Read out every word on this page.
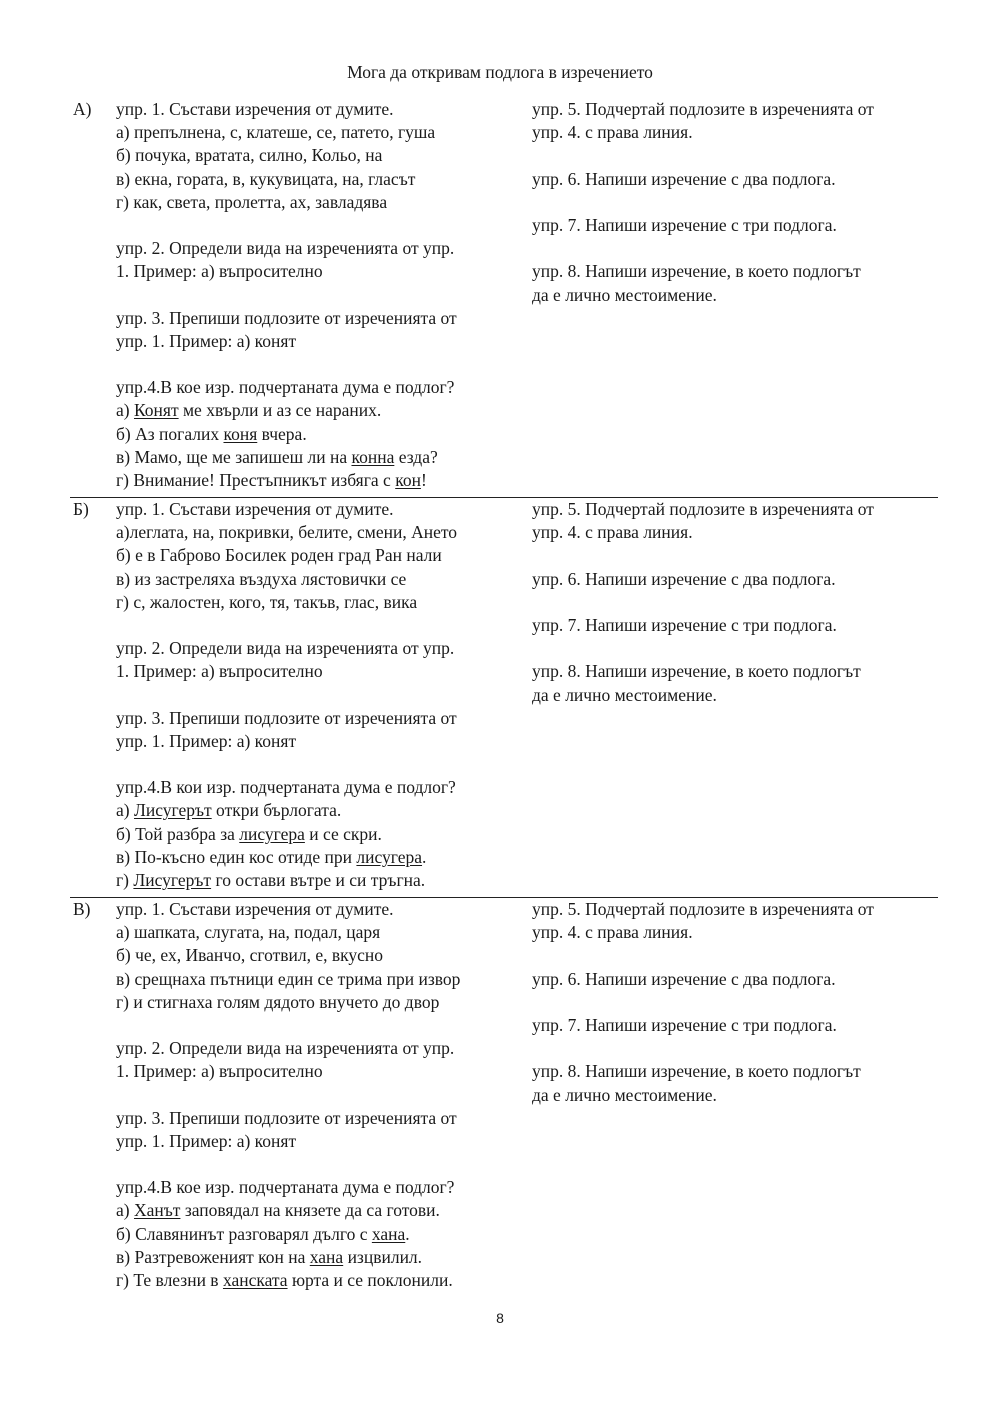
Мога да откривам подлога в изречението
А) упр. 1. Състави изречения от думите.
а) препълнена, с, клатеше, се, патето, гуша
б) почука, вратата, силно, Кольо, на
в) екна, гората, в, кукувицата, на, гласът
г) как, света, пролетта, ах, завладява
упр. 2. Определи вида на изреченията от упр.
1. Пример: а) въпросително
упр. 3. Препиши подлозите от изреченията от
упр. 1. Пример: а) конят
упр.4.В кое изр. подчертаната дума е подлог?
а) Конят ме хвърли и аз се нараних.
б) Аз погалих коня вчера.
в) Мамо, ще ме запишеш ли на конна езда?
г) Внимание! Престъпникът избяга с кон!
упр. 5. Подчертай подлозите в изреченията от
упр. 4. с права линия.
упр. 6. Напиши изречение с два подлога.
упр. 7. Напиши изречение с три подлога.
упр. 8. Напиши изречение, в което подлогът
да е лично местоимение.
Б) упр. 1. Състави изречения от думите.
а)леглата, на, покривки, белите, смени, Ането
б) е в Габрово Босилек роден град Ран нали
в) из застреляха въздуха лястовички се
г) с, жалостен, кого, тя, такъв, глас, вика
упр. 2. Определи вида на изреченията от упр.
1. Пример: а) въпросително
упр. 3. Препиши подлозите от изреченията от
упр. 1. Пример: а) конят
упр.4.В кои изр. подчертаната дума е подлог?
а) Лисугерът откри бърлогата.
б) Той разбра за лисугера и се скри.
в) По-късно един кос отиде при лисугера.
г) Лисугерът го остави вътре и си тръгна.
упр. 5. Подчертай подлозите в изреченията от
упр. 4. с права линия.
упр. 6. Напиши изречение с два подлога.
упр. 7. Напиши изречение с три подлога.
упр. 8. Напиши изречение, в което подлогът
да е лично местоимение.
В) упр. 1. Състави изречения от думите.
а) шапката, слугата, на, подал, царя
б) че, ех, Иванчо, сготвил, е, вкусно
в) срещнаха пътници един се трима при извор
г) и стигнаха голям дядото внучето до двор
упр. 2. Определи вида на изреченията от упр.
1. Пример: а) въпросително
упр. 3. Препиши подлозите от изреченията от
упр. 1. Пример: а) конят
упр.4.В кое изр. подчертаната дума е подлог?
а) Ханът заповядал на князете да са готови.
б) Славянинът разговарял дълго с хана.
в) Разтревоженият кон на хана изцвилил.
г) Те влезни в ханската юрта и се поклонили.
упр. 5. Подчертай подлозите в изреченията от
упр. 4. с права линия.
упр. 6. Напиши изречение с два подлога.
упр. 7. Напиши изречение с три подлога.
упр. 8. Напиши изречение, в което подлогът
да е лично местоимение.
8
